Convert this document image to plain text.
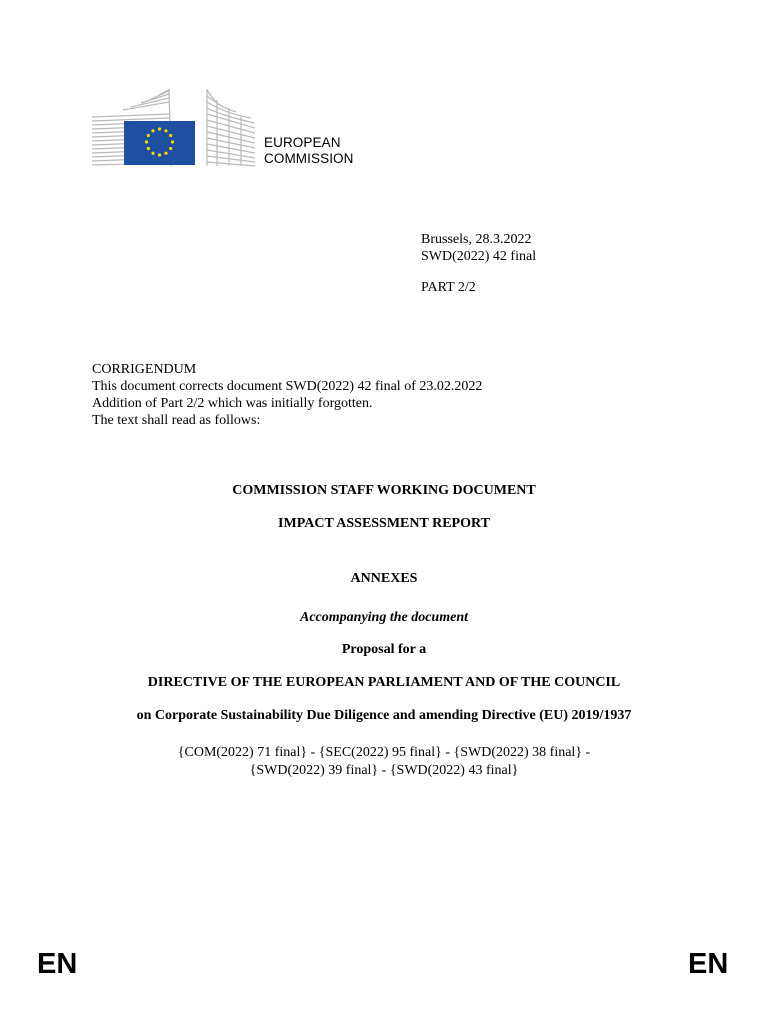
EUROPEAN
COMMISSION
Brussels, 28.3.2022
SWD(2022) 42 final
PART 2/2
CORRIGENDUM
This document corrects document SWD(2022) 42 final of 23.02.2022
Addition of Part 2/2 which was initially forgotten.
The text shall read as follows:
COMMISSION STAFF WORKING DOCUMENT
IMPACT ASSESSMENT REPORT
ANNEXES
Accompanying the document
Proposal for a
DIRECTIVE OF THE EUROPEAN PARLIAMENT AND OF THE COUNCIL
on Corporate Sustainability Due Diligence and amending Directive (EU) 2019/1937
{COM(2022) 71 final} - {SEC(2022) 95 final} - {SWD(2022) 38 final} -
{SWD(2022) 39 final} - {SWD(2022) 43 final}
EN	EN
